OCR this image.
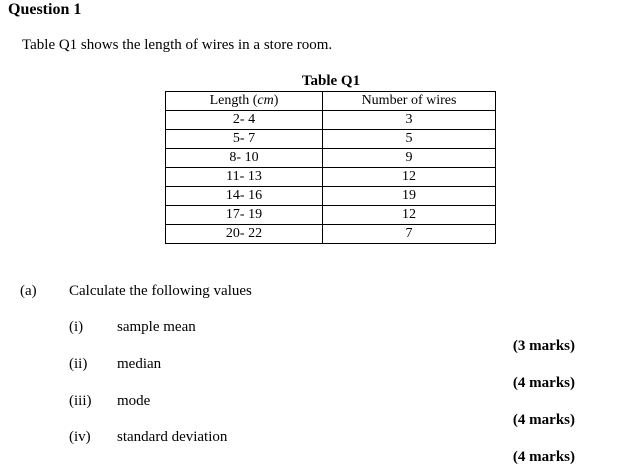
Question 1
Table Q1 shows the length of wires in a store room.
Table Q1
Length (cm)	Number of wires
2- 4	3
5- 7	5
8- 10	9
11- 13	12
14- 16	19
17- 19	12
20- 22	7
(a) Calculate the following values
(i) sample mean
(3 marks)
(ii) median
(4 marks)
(iii) mode
(4 marks)
(iv) standard deviation
(4 marks)
